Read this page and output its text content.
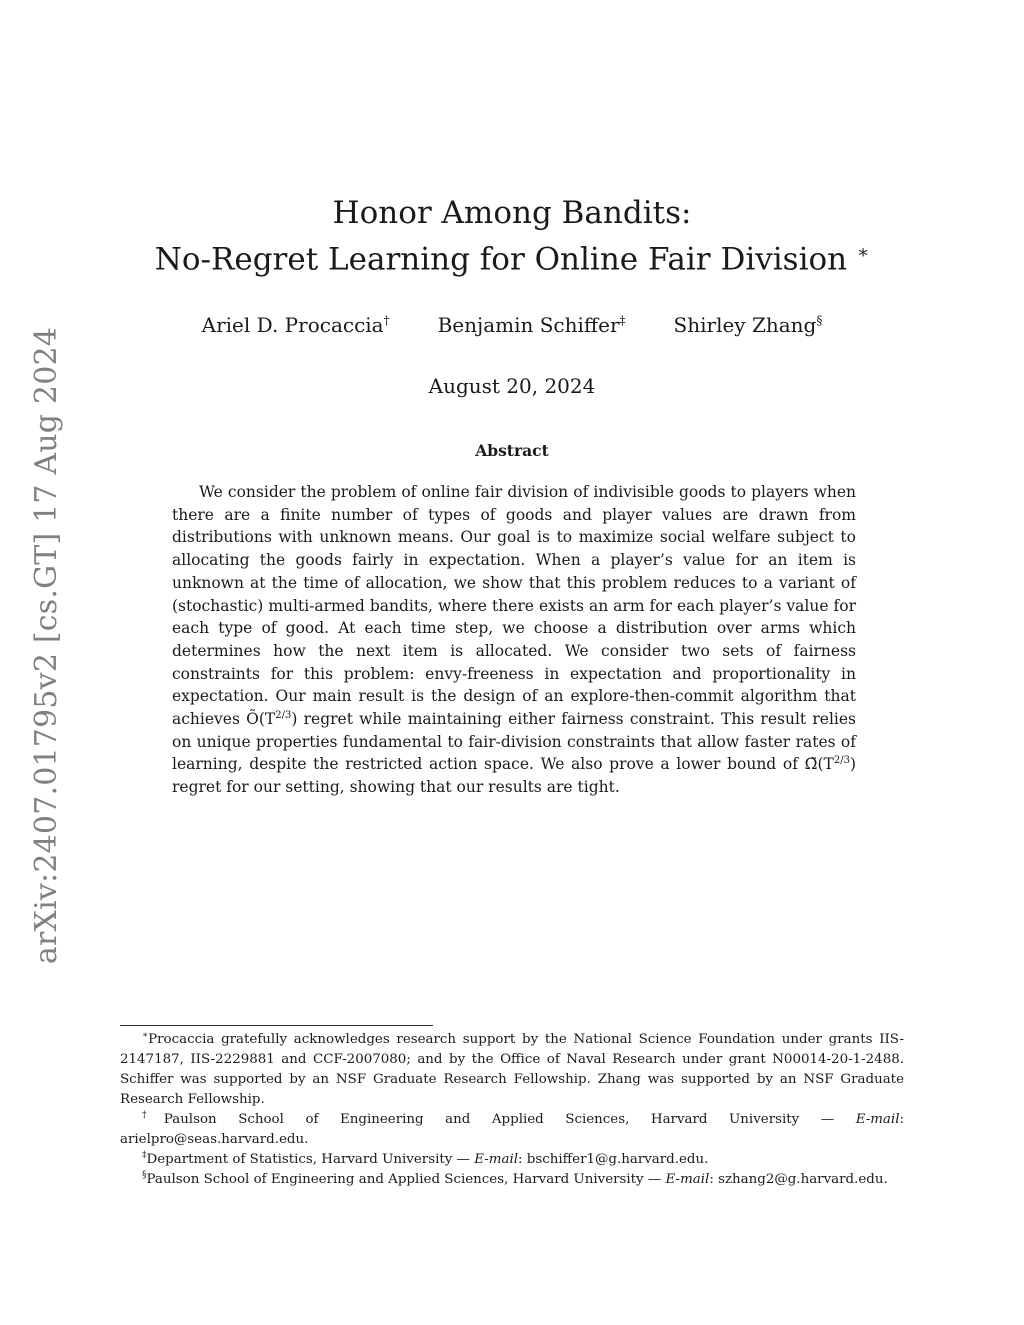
arXiv:2407.01795v2 [cs.GT] 17 Aug 2024
Honor Among Bandits:
No-Regret Learning for Online Fair Division ∗
Ariel D. Procaccia† Benjamin Schiffer‡ Shirley Zhang§
August 20, 2024
Abstract

We consider the problem of online fair division of indivisible goods to players when there are a finite number of types of goods and player values are drawn from distributions with unknown means. Our goal is to maximize social welfare subject to allocating the goods fairly in expectation. When a player’s value for an item is unknown at the time of allocation, we show that this problem reduces to a variant of (stochastic) multi-armed bandits, where there exists an arm for each player’s value for each type of good. At each time step, we choose a distribution over arms which determines how the next item is allocated. We consider two sets of fairness constraints for this problem: envy-freeness in expectation and proportionality in expectation. Our main result is the design of an explore-then-commit algorithm that achieves $Õ(T^{2/3})$ regret while maintaining either fairness constraint. This result relies on unique properties fundamental to fair-division constraints that allow faster rates of learning, despite the restricted action space. We also prove a lower bound of $\Omegã(T^{2/3})$ regret for our setting, showing that our results are tight.

∗Procaccia gratefully acknowledges research support by the National Science Foundation under grants IIS-2147187, IIS-2229881 and CCF-2007080; and by the Office of Naval Research under grant N00014-20-1-2488. Schiffer was supported by an NSF Graduate Research Fellowship. Zhang was supported by an NSF Graduate Research Fellowship.

†Paulson School of Engineering and Applied Sciences, Harvard University — E-mail: arielpro@seas.harvard.edu.

‡Department of Statistics, Harvard University — E-mail: bschiffer1@g.harvard.edu.

§Paulson School of Engineering and Applied Sciences, Harvard University — E-mail: szhang2@g.harvard.edu.
